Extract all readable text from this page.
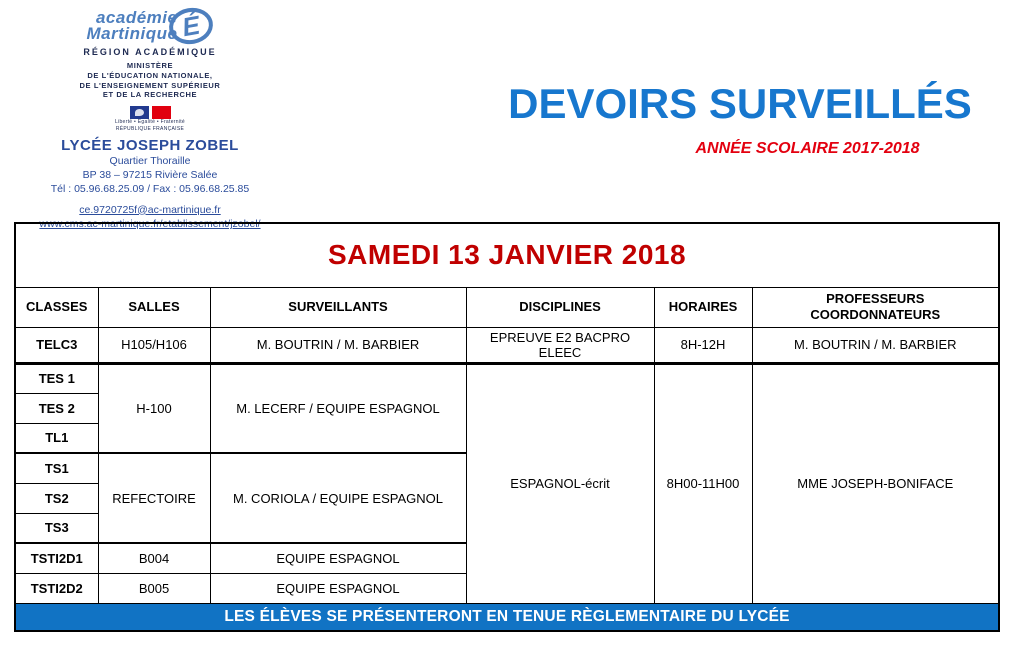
académie
Martinique É
RÉGION ACADÉMIQUE
MINISTÈRE
DE L'ÉDUCATION NATIONALE,
DE L'ENSEIGNEMENT SUPÉRIEUR
ET DE LA RECHERCHE
Liberté • Égalité • Fraternité
RÉPUBLIQUE FRANÇAISE
LYCÉE JOSEPH ZOBEL
Quartier Thoraille
BP 38 – 97215 Rivière Salée
Tél : 05.96.68.25.09 / Fax : 05.96.68.25.85
ce.9720725f@ac-martinique.fr
www.cms.ac-martinique.fr/etablissement/jzobel/
DEVOIRS SURVEILLÉS
ANNÉE SCOLAIRE 2017-2018
SAMEDI 13 JANVIER 2018					
CLASSES	SALLES	SURVEILLANTS	DISCIPLINES	HORAIRES	PROFESSEURS
COORDONNATEURS

TELC3	H105/H106	M. BOUTRIN / M. BARBIER	EPREUVE E2 BACPRO ELEEC	8H-12H	M. BOUTRIN / M. BARBIER
TES 1	H-100	M. LECERF / EQUIPE ESPAGNOL	ESPAGNOL-écrit	8H00-11H00	MME JOSEPH-BONIFACE
TES 2					
TL1					
TS1	REFECTOIRE	M. CORIOLA / EQUIPE ESPAGNOL			
TS2					
TS3					
TSTI2D1	B004	EQUIPE ESPAGNOL			
TSTI2D2	B005	EQUIPE ESPAGNOL			
LES ÉLÈVES SE PRÉSENTERONT EN TENUE RÈGLEMENTAIRE DU LYCÉE					
